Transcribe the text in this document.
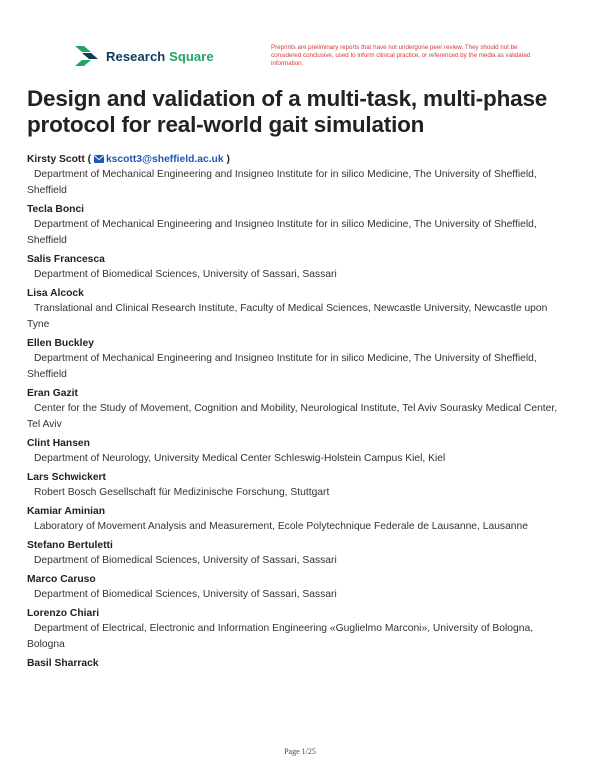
Research Square
Preprints are preliminary reports that have not undergone peer review. They should not be considered conclusive, used to inform clinical practice, or referenced by the media as validated information.
Design and validation of a multi-task, multi-phase protocol for real-world gait simulation
Kirsty Scott ( kscott3@sheffield.ac.uk )
Department of Mechanical Engineering and Insigneo Institute for in silico Medicine, The University of Sheffield, Sheffield
Tecla Bonci
Department of Mechanical Engineering and Insigneo Institute for in silico Medicine, The University of Sheffield, Sheffield
Salis Francesca
Department of Biomedical Sciences, University of Sassari, Sassari
Lisa Alcock
Translational and Clinical Research Institute, Faculty of Medical Sciences, Newcastle University, Newcastle upon Tyne
Ellen Buckley
Department of Mechanical Engineering and Insigneo Institute for in silico Medicine, The University of Sheffield, Sheffield
Eran Gazit
Center for the Study of Movement, Cognition and Mobility, Neurological Institute, Tel Aviv Sourasky Medical Center, Tel Aviv
Clint Hansen
Department of Neurology, University Medical Center Schleswig-Holstein Campus Kiel, Kiel
Lars Schwickert
Robert Bosch Gesellschaft für Medizinische Forschung, Stuttgart
Kamiar Aminian
Laboratory of Movement Analysis and Measurement, Ecole Polytechnique Federale de Lausanne, Lausanne
Stefano Bertuletti
Department of Biomedical Sciences, University of Sassari, Sassari
Marco Caruso
Department of Biomedical Sciences, University of Sassari, Sassari
Lorenzo Chiari
Department of Electrical, Electronic and Information Engineering «Guglielmo Marconi», University of Bologna, Bologna
Basil Sharrack
Page 1/25
